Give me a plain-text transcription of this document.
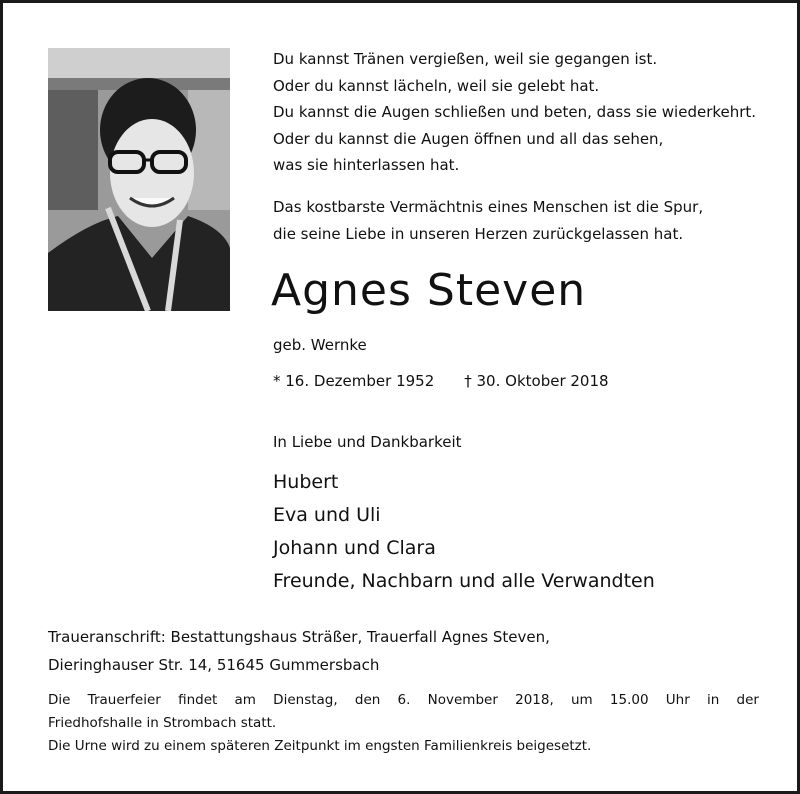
Du kannst Tränen vergießen, weil sie gegangen ist.
Oder du kannst lächeln, weil sie gelebt hat.
Du kannst die Augen schließen und beten, dass sie wiederkehrt.
Oder du kannst die Augen öffnen und all das sehen,
was sie hinterlassen hat.
Das kostbarste Vermächtnis eines Menschen ist die Spur,
die seine Liebe in unseren Herzen zurückgelassen hat.
Agnes Steven
geb. Wernke
* 16. Dezember 1952 † 30. Oktober 2018
In Liebe und Dankbarkeit
Hubert
Eva und Uli
Johann und Clara
Freunde, Nachbarn und alle Verwandten
Traueranschrift: Bestattungshaus Sträßer, Trauerfall Agnes Steven,
Dieringhauser Str. 14, 51645 Gummersbach
Die Trauerfeier findet am Dienstag, den 6. November 2018, um 15.00 Uhr in der
Friedhofshalle in Strombach statt.
Die Urne wird zu einem späteren Zeitpunkt im engsten Familienkreis beigesetzt.
